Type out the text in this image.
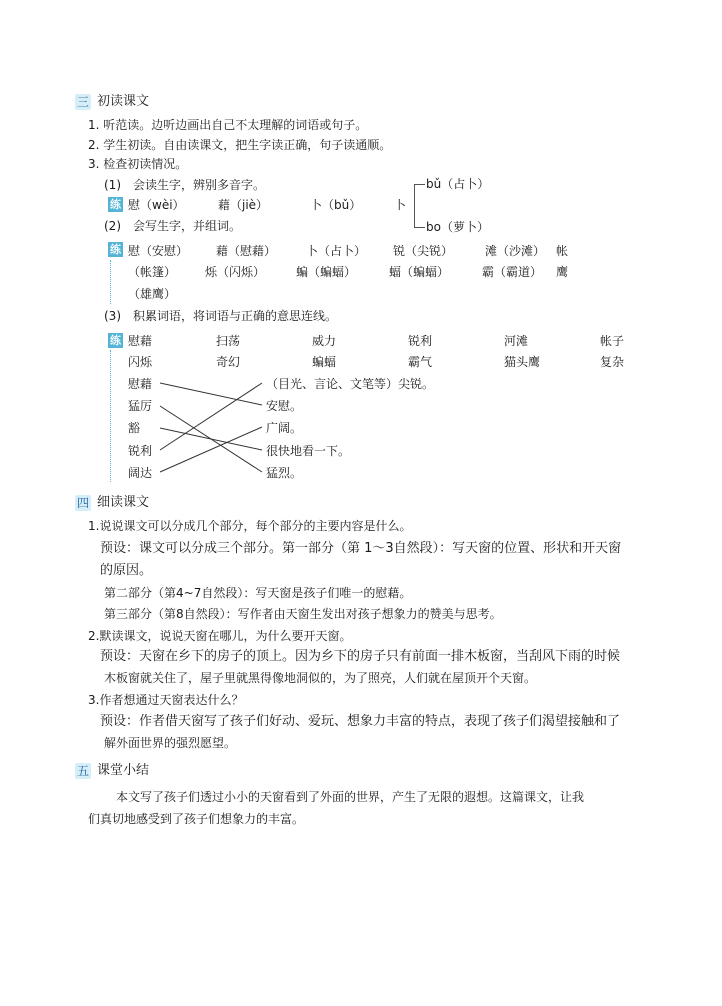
三 初读课文
1. 听范读。边听边画出自己不太理解的词语或句子。
2. 学生初读。自由读课文，把生字读正确，句子读通顺。
3. 检查初读情况。
(1)　会读生字，辨别多音字。
练 慰（wèi）	藉（jiè）	卜（bǔ）	卜
bǔ（占卜）
bo（萝卜）
(2)　会写生字，并组词。
练 慰（安慰） 藉（慰藉） 卜（占卜） 锐（尖锐）	滩（沙滩） 帐
（帐篷） 烁（闪烁）	蝙（蝙蝠）	蝠（蝙蝠）	霸（霸道） 鹰
（雄鹰）
(3)　积累词语，将词语与正确的意思连线。
练 慰藉	扫荡	威力	锐利	河滩	帐子
闪烁	奇幻	蝙蝠	霸气	猫头鹰	复杂
慰藉
猛厉
豁
锐利
阔达
（目光、言论、文笔等）尖锐。
安慰。
广阔。
很快地看一下。
猛烈。
四 细读课文
1.说说课文可以分成几个部分，每个部分的主要内容是什么。
预设：课文可以分成三个部分。第一部分（第 1～3自然段）：写天窗的位置、形状和开天窗
的原因。
第二部分（第4~7自然段）：写天窗是孩子们唯一的慰藉。
第三部分（第8自然段）：写作者由天窗生发出对孩子想象力的赞美与思考。
2.默读课文，说说天窗在哪儿，为什么要开天窗。
预设：天窗在乡下的房子的顶上。因为乡下的房子只有前面一排木板窗，当刮风下雨的时候
木板窗就关住了，屋子里就黑得像地洞似的，为了照亮，人们就在屋顶开个天窗。
3.作者想通过天窗表达什么？
预设：作者借天窗写了孩子们好动、爱玩、想象力丰富的特点，表现了孩子们渴望接触和了
解外面世界的强烈愿望。
五 课堂小结
本文写了孩子们透过小小的天窗看到了外面的世界，产生了无限的遐想。这篇课文，让我
们真切地感受到了孩子们想象力的丰富。
